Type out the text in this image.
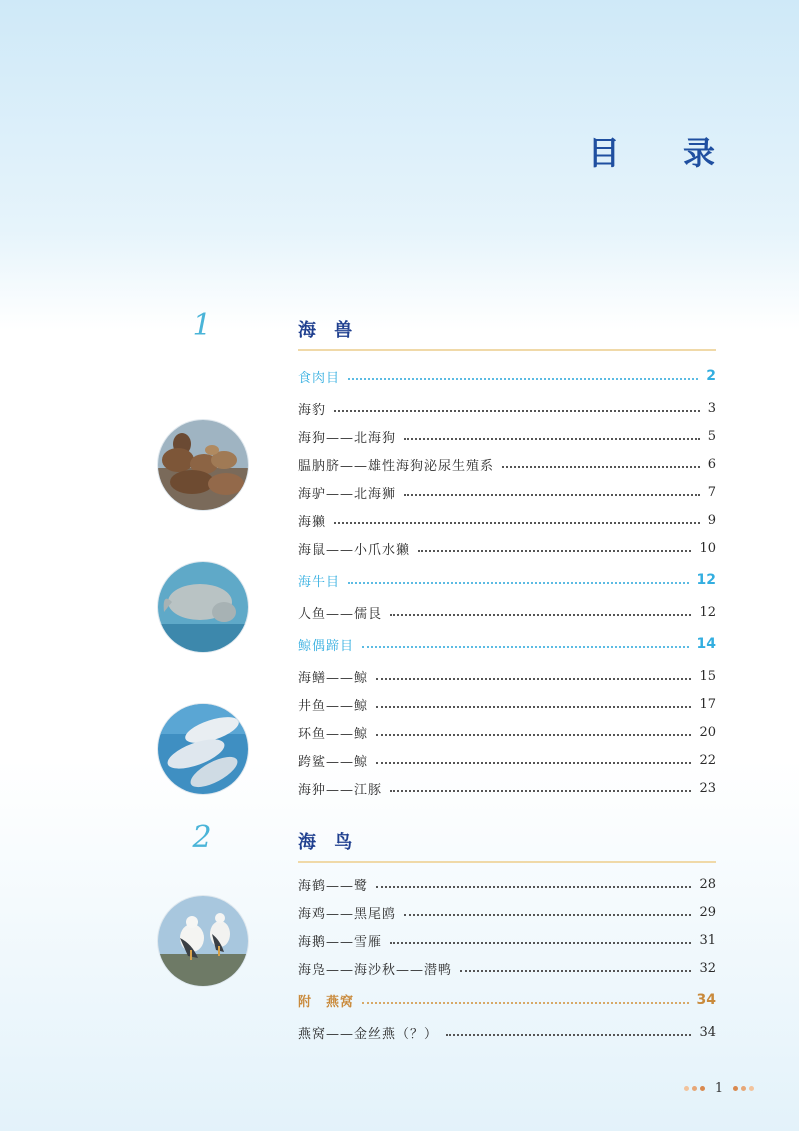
目 录
1	海 兽
2	海 鸟
食肉目	2
海豹	3
海狗——北海狗	5
腽肭脐——雄性海狗泌尿生殖系	6
海驴——北海狮	7
海獭	9
海鼠——小爪水獭	10
海牛目	12
人鱼——儒艮	12
鲸偶蹄目	14
海鳝——鲸	15
井鱼——鲸	17
环鱼——鲸	20
跨鲨——鲸	22
海狆——江豚	23
海鹤——鹭	28
海鸡——黑尾鸥	29
海鹅——雪雁	31
海凫——海沙秋——潜鸭	32
附　燕窝	34
燕窝——金丝燕（？）	34
1
